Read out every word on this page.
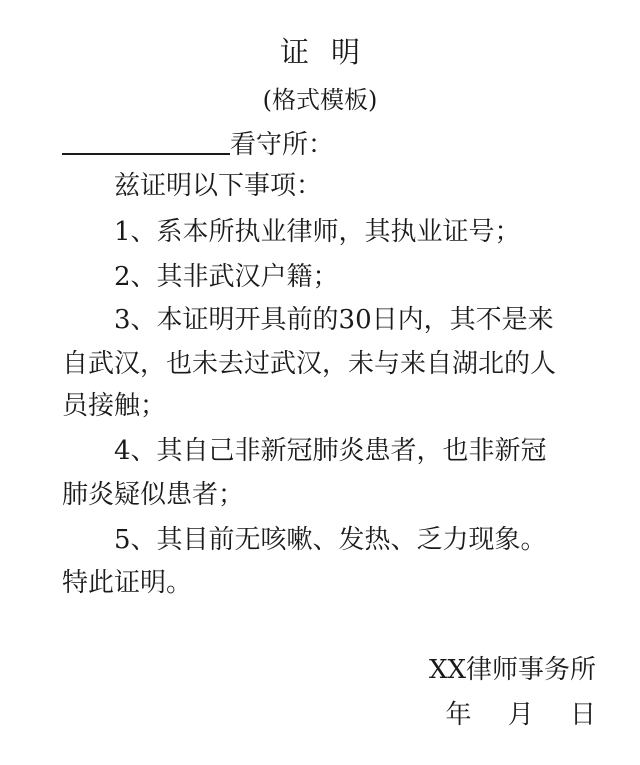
证明
(格式模板)
看守所：
兹证明以下事项：
1、系本所执业律师，其执业证号；
2、其非武汉户籍；
3、本证明开具前的30日内，其不是来
自武汉，也未去过武汉，未与来自湖北的人
员接触；
4、其自己非新冠肺炎患者，也非新冠
肺炎疑似患者；
5、其目前无咳嗽、发热、乏力现象。
特此证明。
XX律师事务所
年 月 日
